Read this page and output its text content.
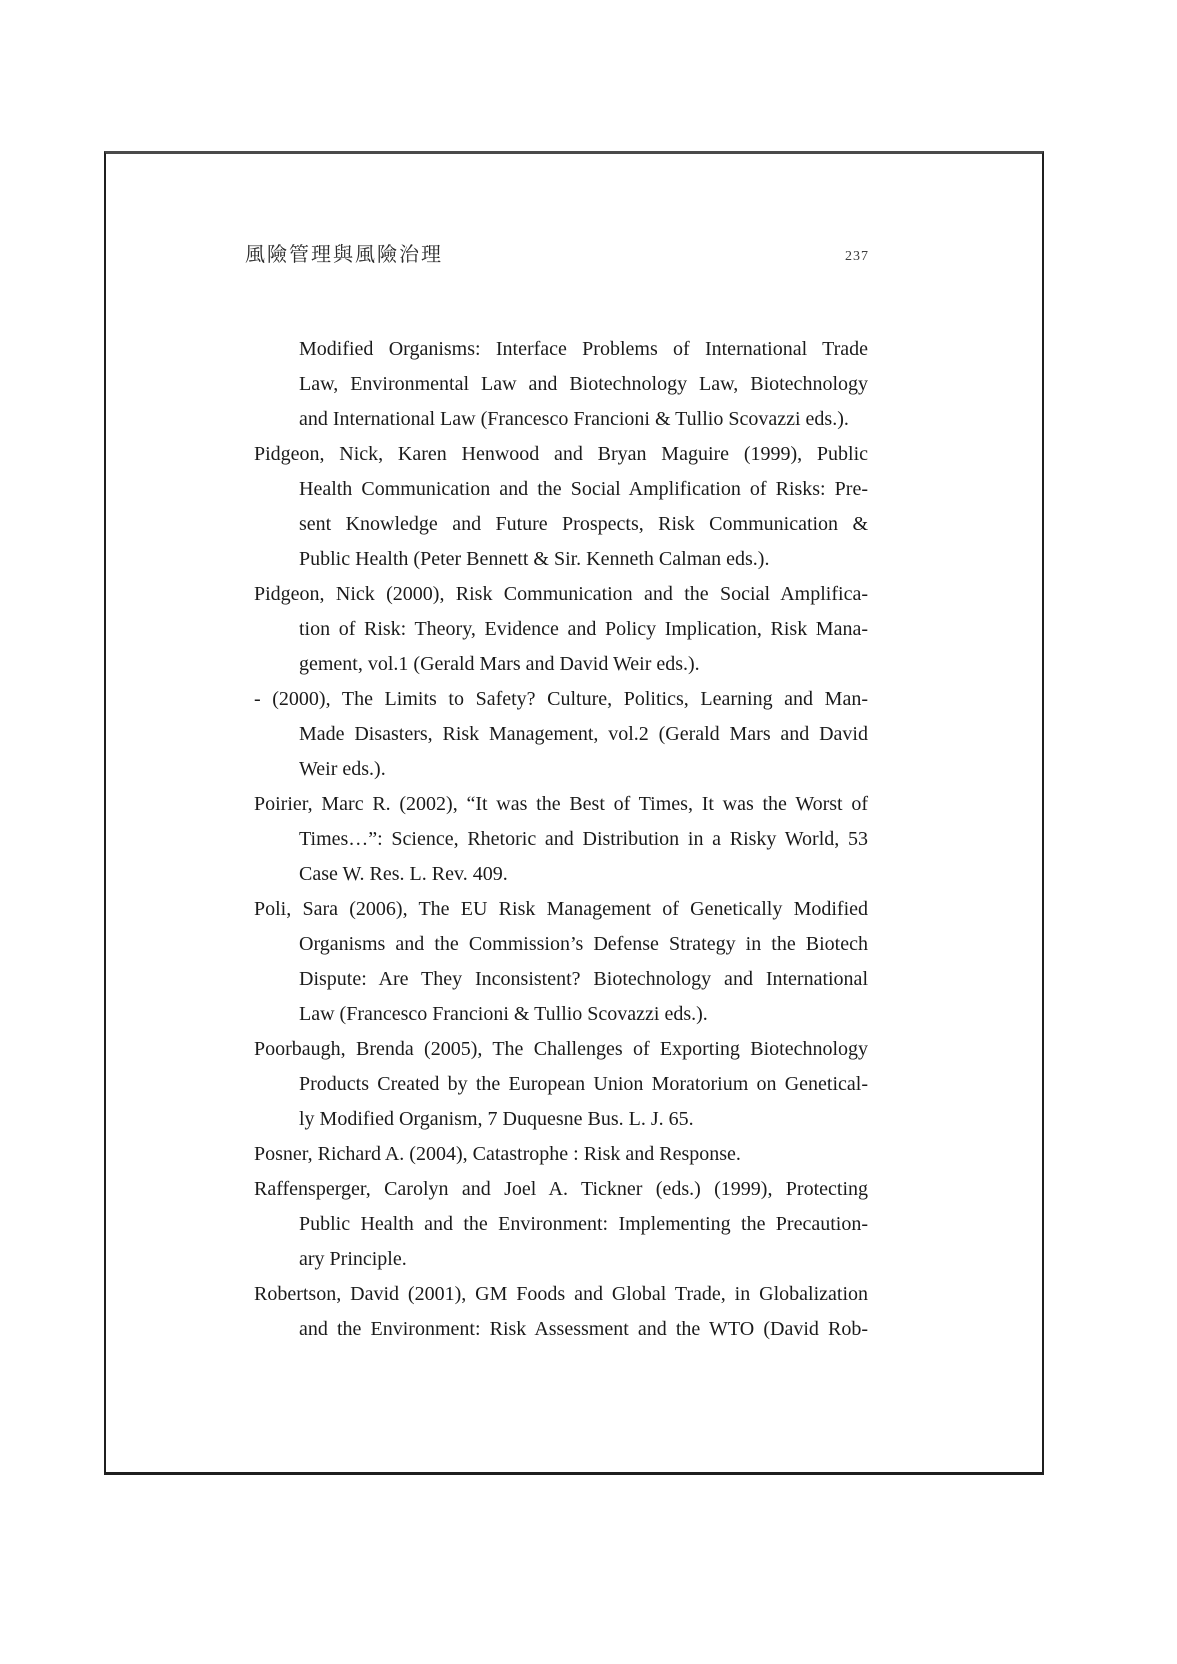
風險管理與風險治理	237
Modified Organisms: Interface Problems of International Trade
Law, Environmental Law and Biotechnology Law, Biotechnology
and International Law (Francesco Francioni & Tullio Scovazzi eds.).
Pidgeon, Nick, Karen Henwood and Bryan Maguire (1999), Public
Health Communication and the Social Amplification of Risks: Pre-
sent Knowledge and Future Prospects, Risk Communication &
Public Health (Peter Bennett & Sir. Kenneth Calman eds.).
Pidgeon, Nick (2000), Risk Communication and the Social Amplifica-
tion of Risk: Theory, Evidence and Policy Implication, Risk Mana-
gement, vol.1 (Gerald Mars and David Weir eds.).
- (2000), The Limits to Safety? Culture, Politics, Learning and Man-
Made Disasters, Risk Management, vol.2 (Gerald Mars and David
Weir eds.).
Poirier, Marc R. (2002), “It was the Best of Times, It was the Worst of
Times…”: Science, Rhetoric and Distribution in a Risky World, 53
Case W. Res. L. Rev. 409.
Poli, Sara (2006), The EU Risk Management of Genetically Modified
Organisms and the Commission’s Defense Strategy in the Biotech
Dispute: Are They Inconsistent? Biotechnology and International
Law (Francesco Francioni & Tullio Scovazzi eds.).
Poorbaugh, Brenda (2005), The Challenges of Exporting Biotechnology
Products Created by the European Union Moratorium on Genetical-
ly Modified Organism, 7 Duquesne Bus. L. J. 65.
Posner, Richard A. (2004), Catastrophe : Risk and Response.
Raffensperger, Carolyn and Joel A. Tickner (eds.) (1999), Protecting
Public Health and the Environment: Implementing the Precaution-
ary Principle.
Robertson, David (2001), GM Foods and Global Trade, in Globalization
and the Environment: Risk Assessment and the WTO (David Rob-
